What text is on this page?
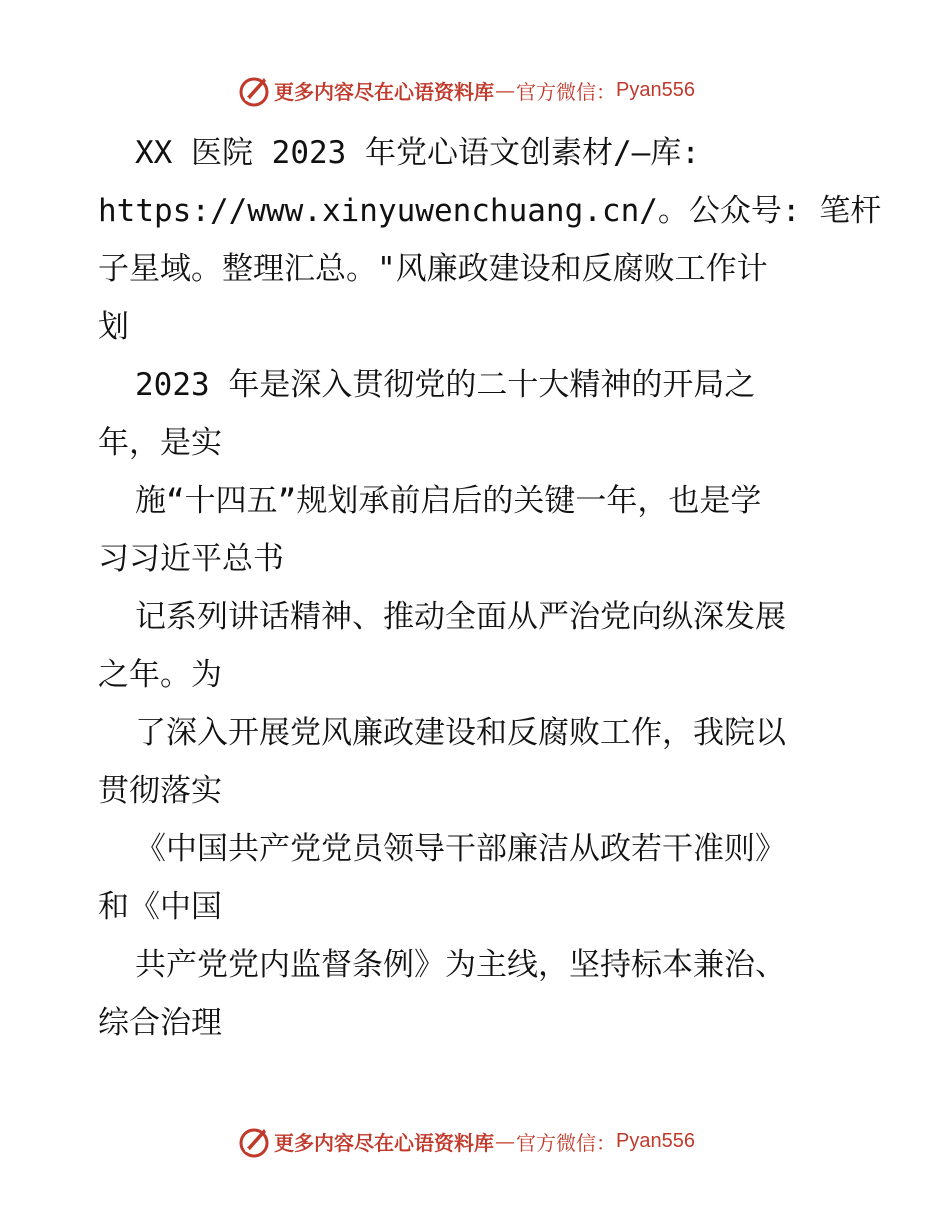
更多内容尽在心语资料库 — 官方微信： Pyan556
XX 医院 2023 年党心语文创素材/—库:
https://www.xinyuwenchuang.cn/。公众号: 笔杆
子星域。整理汇总。"风廉政建设和反腐败工作计
划
2023 年是深入贯彻党的二十大精神的开局之
年，是实
施“十四五”规划承前启后的关键一年，也是学
习习近平总书
记系列讲话精神、推动全面从严治党向纵深发展
之年。为
了深入开展党风廉政建设和反腐败工作，我院以
贯彻落实
《中国共产党党员领导干部廉洁从政若干准则》
和《中国
共产党党内监督条例》为主线，坚持标本兼治、
综合治理
更多内容尽在心语资料库 — 官方微信： Pyan556
